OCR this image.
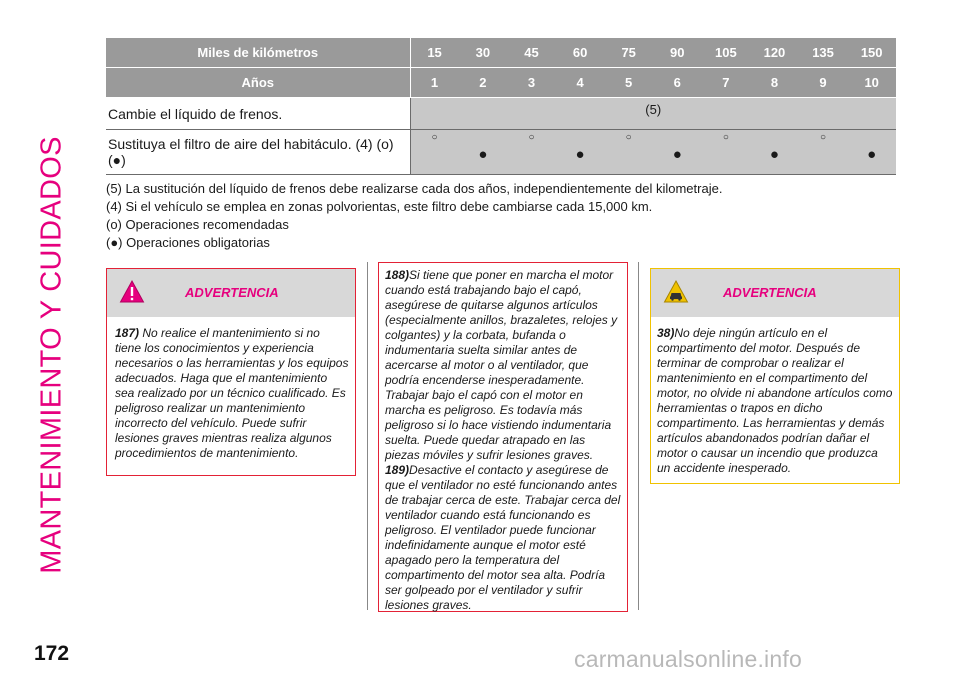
MANTENIMIENTO Y CUIDADOS
Miles de kilómetros	15	30	45	60	75	90	105	120	135	150
Años	1	2	3	4	5	6	7	8	9	10
Cambie el líquido de frenos.	(5)									
Sustituya el filtro de aire del habitáculo. (4) (o) (●)	○	●	○	●	○	●	○	●	○	●
(5) La sustitución del líquido de frenos debe realizarse cada dos años, independientemente del kilometraje.
(4) Si el vehículo se emplea en zonas polvorientas, este filtro debe cambiarse cada 15,000 km.
(o) Operaciones recomendadas
(●) Operaciones obligatorias
ADVERTENCIA
187) No realice el mantenimiento si no tiene los conocimientos y experiencia necesarios o las herramientas y los equipos adecuados. Haga que el mantenimiento sea realizado por un técnico cualificado. Es peligroso realizar un mantenimiento incorrecto del vehículo. Puede sufrir lesiones graves mientras realiza algunos procedimientos de mantenimiento.
188)Si tiene que poner en marcha el motor cuando está trabajando bajo el capó, asegúrese de quitarse algunos artículos (especialmente anillos, brazaletes, relojes y colgantes) y la corbata, bufanda o indumentaria suelta similar antes de acercarse al motor o al ventilador, que podría encenderse inesperadamente. Trabajar bajo el capó con el motor en marcha es peligroso. Es todavía más peligroso si lo hace vistiendo indumentaria suelta. Puede quedar atrapado en las piezas móviles y sufrir lesiones graves.
189)Desactive el contacto y asegúrese de que el ventilador no esté funcionando antes de trabajar cerca de este. Trabajar cerca del ventilador cuando está funcionando es peligroso. El ventilador puede funcionar indefinidamente aunque el motor esté apagado pero la temperatura del compartimento del motor sea alta. Podría ser golpeado por el ventilador y sufrir lesiones graves.
ADVERTENCIA
38)No deje ningún artículo en el compartimento del motor. Después de terminar de comprobar o realizar el mantenimiento en el compartimento del motor, no olvide ni abandone artículos como herramientas o trapos en dicho compartimento. Las herramientas y demás artículos abandonados podrían dañar el motor o causar un incendio que produzca un accidente inesperado.
172	carmanualsonline.info
